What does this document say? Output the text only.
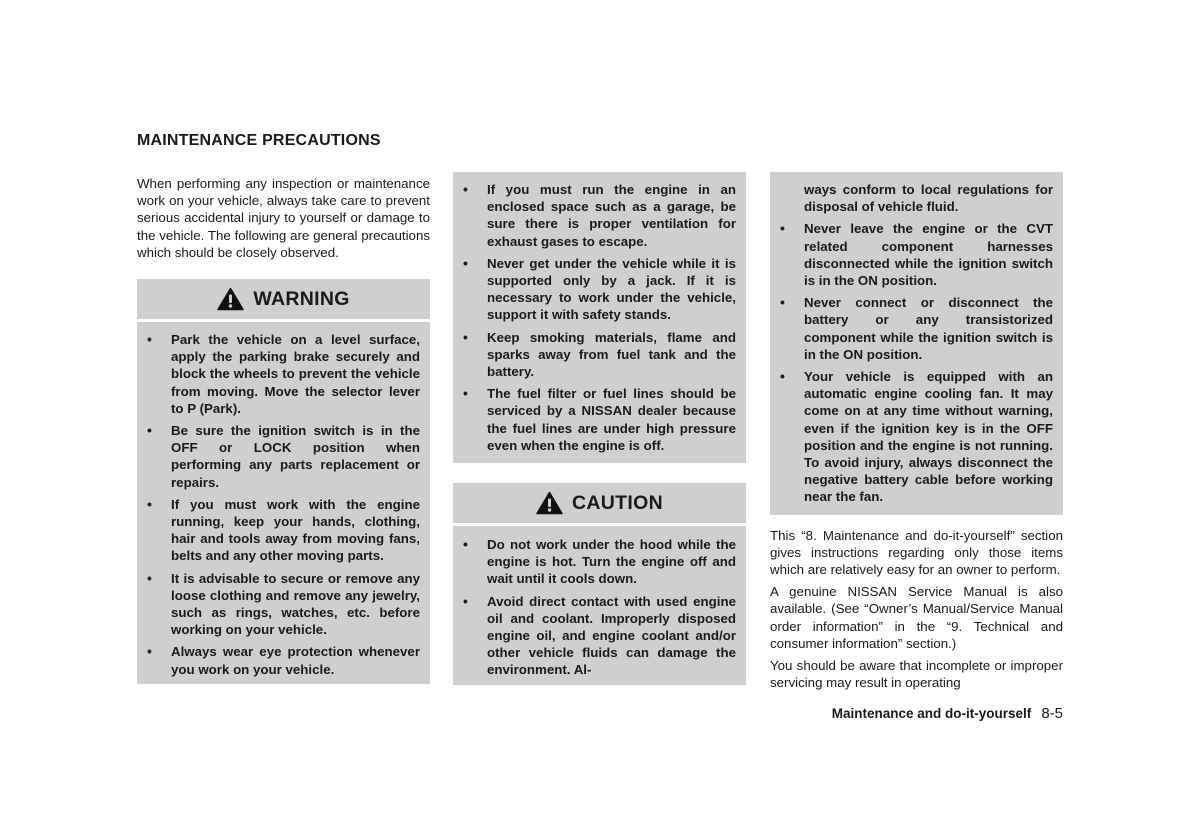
MAINTENANCE PRECAUTIONS

When performing any inspection or maintenance work on your vehicle, always take care to prevent serious accidental injury to yourself or damage to the vehicle. The following are general precautions which should be closely observed.

WARNING
• Park the vehicle on a level surface, apply the parking brake securely and block the wheels to prevent the vehicle from moving. Move the selector lever to P (Park).
• Be sure the ignition switch is in the OFF or LOCK position when performing any parts replacement or repairs.
• If you must work with the engine running, keep your hands, clothing, hair and tools away from moving fans, belts and any other moving parts.
• It is advisable to secure or remove any loose clothing and remove any jewelry, such as rings, watches, etc. before working on your vehicle.
• Always wear eye protection whenever you work on your vehicle.
• If you must run the engine in an enclosed space such as a garage, be sure there is proper ventilation for exhaust gases to escape.
• Never get under the vehicle while it is supported only by a jack. If it is necessary to work under the vehicle, support it with safety stands.
• Keep smoking materials, flame and sparks away from fuel tank and the battery.
• The fuel filter or fuel lines should be serviced by a NISSAN dealer because the fuel lines are under high pressure even when the engine is off.
CAUTION
• Do not work under the hood while the engine is hot. Turn the engine off and wait until it cools down.
• Avoid direct contact with used engine oil and coolant. Improperly disposed engine oil, and engine coolant and/or other vehicle fluids can damage the environment. Al-
ways conform to local regulations for disposal of vehicle fluid.
• Never leave the engine or the CVT related component harnesses disconnected while the ignition switch is in the ON position.
• Never connect or disconnect the battery or any transistorized component while the ignition switch is in the ON position.
• Your vehicle is equipped with an automatic engine cooling fan. It may come on at any time without warning, even if the ignition key is in the OFF position and the engine is not running. To avoid injury, always disconnect the negative battery cable before working near the fan.

This “8. Maintenance and do-it-yourself” section gives instructions regarding only those items which are relatively easy for an owner to perform.

A genuine NISSAN Service Manual is also available. (See “Owner’s Manual/Service Manual order information” in the “9. Technical and consumer information” section.)

You should be aware that incomplete or improper servicing may result in operating

Maintenance and do-it-yourself 8-5
